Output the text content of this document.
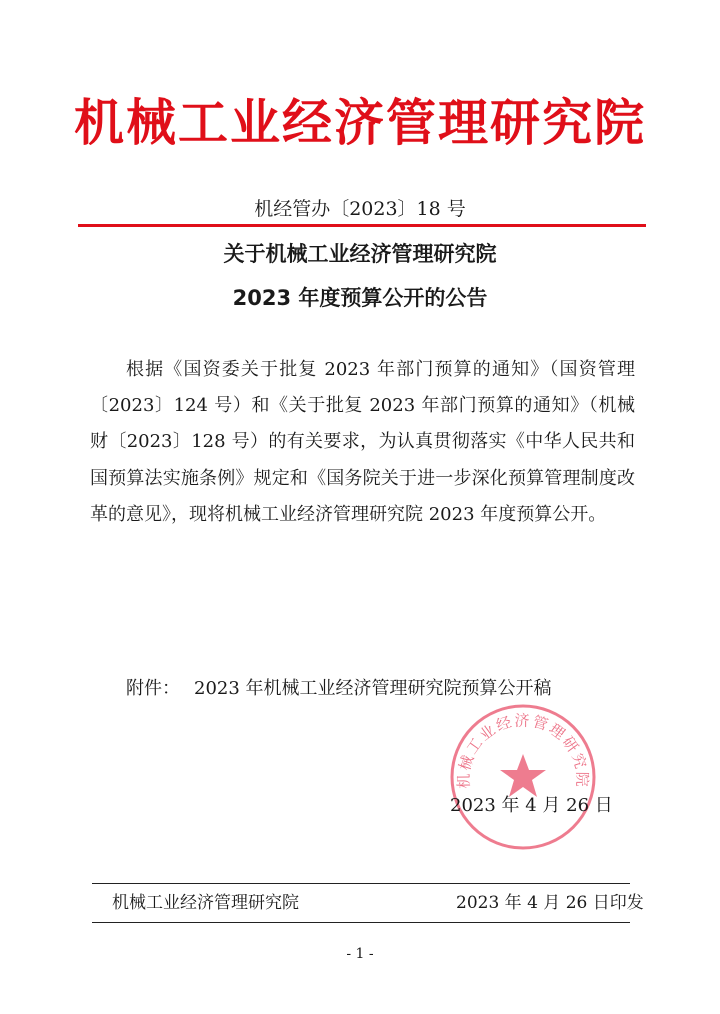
机械工业经济管理研究院
机经管办〔2023〕18 号
关于机械工业经济管理研究院
2023 年度预算公开的公告

根据《国资委关于批复 2023 年部门预算的通知》（国资管理〔2023〕124 号）和《关于批复 2023 年部门预算的通知》（机械财〔2023〕128 号）的有关要求，为认真贯彻落实《中华人民共和国预算法实施条例》规定和《国务院关于进一步深化预算管理制度改革的意见》，现将机械工业经济管理研究院 2023 年度预算公开。

附件： 2023 年机械工业经济管理研究院预算公开稿
机械工业经济管理研究院
2023 年 4 月 26 日
机械工业经济管理研究院	2023 年 4 月 26 日印发
- 1 -
